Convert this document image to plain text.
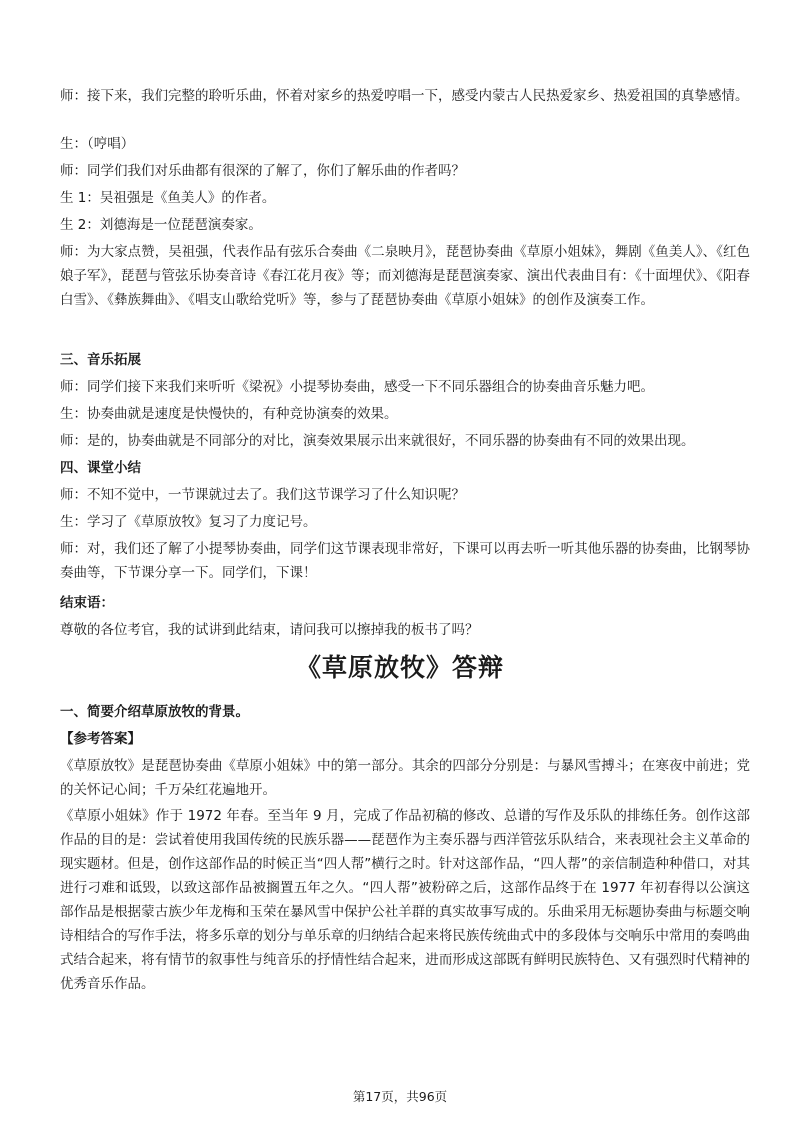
师：接下来，我们完整的聆听乐曲，怀着对家乡的热爱哼唱一下，感受内蒙古人民热爱家乡、热爱祖国的真挚感情。

生：（哼唱）

师：同学们我们对乐曲都有很深的了解了，你们了解乐曲的作者吗？

生 1：吴祖强是《鱼美人》的作者。

生 2：刘德海是一位琵琶演奏家。

师：为大家点赞，吴祖强，代表作品有弦乐合奏曲《二泉映月》，琵琶协奏曲《草原小姐妹》，舞剧《鱼美人》、《红色娘子军》，琵琶与管弦乐协奏音诗《春江花月夜》等；而刘德海是琵琶演奏家、演出代表曲目有：《十面埋伏》、《阳春白雪》、《彝族舞曲》、《唱支山歌给党听》等，参与了琵琶协奏曲《草原小姐妹》的创作及演奏工作。

三、音乐拓展

师：同学们接下来我们来听听《梁祝》小提琴协奏曲，感受一下不同乐器组合的协奏曲音乐魅力吧。

生：协奏曲就是速度是快慢快的，有种竞协演奏的效果。

师：是的，协奏曲就是不同部分的对比，演奏效果展示出来就很好，不同乐器的协奏曲有不同的效果出现。

四、课堂小结

师：不知不觉中，一节课就过去了。我们这节课学习了什么知识呢？

生：学习了《草原放牧》复习了力度记号。

师：对，我们还了解了小提琴协奏曲，同学们这节课表现非常好，下课可以再去听一听其他乐器的协奏曲，比钢琴协奏曲等，下节课分享一下。同学们，下课！

结束语：

尊敬的各位考官，我的试讲到此结束，请问我可以擦掉我的板书了吗？

《草原放牧》答辩

一、简要介绍草原放牧的背景。

【参考答案】

《草原放牧》是琵琶协奏曲《草原小姐妹》中的第一部分。其余的四部分分别是：与暴风雪搏斗；在寒夜中前进；党的关怀记心间；千万朵红花遍地开。

《草原小姐妹》作于 1972 年春。至当年 9 月，完成了作品初稿的修改、总谱的写作及乐队的排练任务。创作这部作品的目的是：尝试着使用我国传统的民族乐器——琵琶作为主奏乐器与西洋管弦乐队结合，来表现社会主义革命的现实题材。但是，创作这部作品的时候正当“四人帮”横行之时。针对这部作品，“四人帮”的亲信制造种种借口，对其进行刁难和诋毁，以致这部作品被搁置五年之久。“四人帮”被粉碎之后，这部作品终于在 1977 年初春得以公演这部作品是根据蒙古族少年龙梅和玉荣在暴风雪中保护公社羊群的真实故事写成的。乐曲采用无标题协奏曲与标题交响诗相结合的写作手法，将多乐章的划分与单乐章的归纳结合起来将民族传统曲式中的多段体与交响乐中常用的奏鸣曲式结合起来，将有情节的叙事性与纯音乐的抒情性结合起来，进而形成这部既有鲜明民族特色、又有强烈时代精神的优秀音乐作品。

第17页，共96页
